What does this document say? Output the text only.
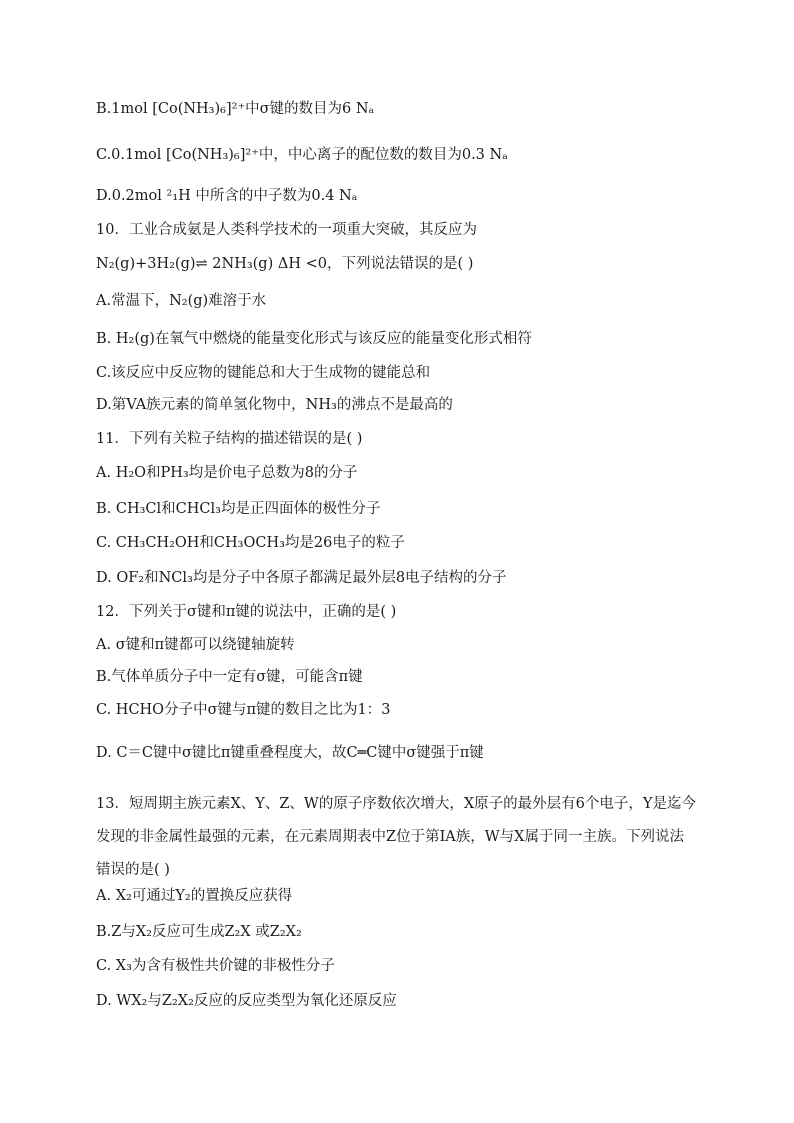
B.1mol [Co(NH₃)₆]²⁺中σ键的数目为6 Nₐ
C.0.1mol [Co(NH₃)₆]²⁺中，中心离子的配位数的数目为0.3 Nₐ
D.0.2mol ²₁H 中所含的中子数为0.4 Nₐ
10．工业合成氨是人类科学技术的一项重大突破，其反应为
N₂(g)+3H₂(g)⇌ 2NH₃(g) ΔH <0，下列说法错误的是( )
A.常温下，N₂(g)难溶于水
B. H₂(g)在氧气中燃烧的能量变化形式与该反应的能量变化形式相符
C.该反应中反应物的键能总和大于生成物的键能总和
D.第VA族元素的简单氢化物中，NH₃的沸点不是最高的
11．下列有关粒子结构的描述错误的是( )
A. H₂O和PH₃均是价电子总数为8的分子
B. CH₃Cl和CHCl₃均是正四面体的极性分子
C. CH₃CH₂OH和CH₃OCH₃均是26电子的粒子
D. OF₂和NCl₃均是分子中各原子都满足最外层8电子结构的分子
12．下列关于σ键和π键的说法中，正确的是( )
A. σ键和π键都可以绕键轴旋转
B.气体单质分子中一定有σ键，可能含π键
C. HCHO分子中σ键与π键的数目之比为1：3
D. C＝C键中σ键比π键重叠程度大，故C═C键中σ键强于π键
13．短周期主族元素X、Y、Z、W的原子序数依次增大，X原子的最外层有6个电子，Y是迄今发现的非金属性最强的元素，在元素周期表中Z位于第ⅠA族，W与X属于同一主族。下列说法错误的是( )
A. X₂可通过Y₂的置换反应获得
B.Z与X₂反应可生成Z₂X 或Z₂X₂
C. X₃为含有极性共价键的非极性分子
D. WX₂与Z₂X₂反应的反应类型为氧化还原反应
